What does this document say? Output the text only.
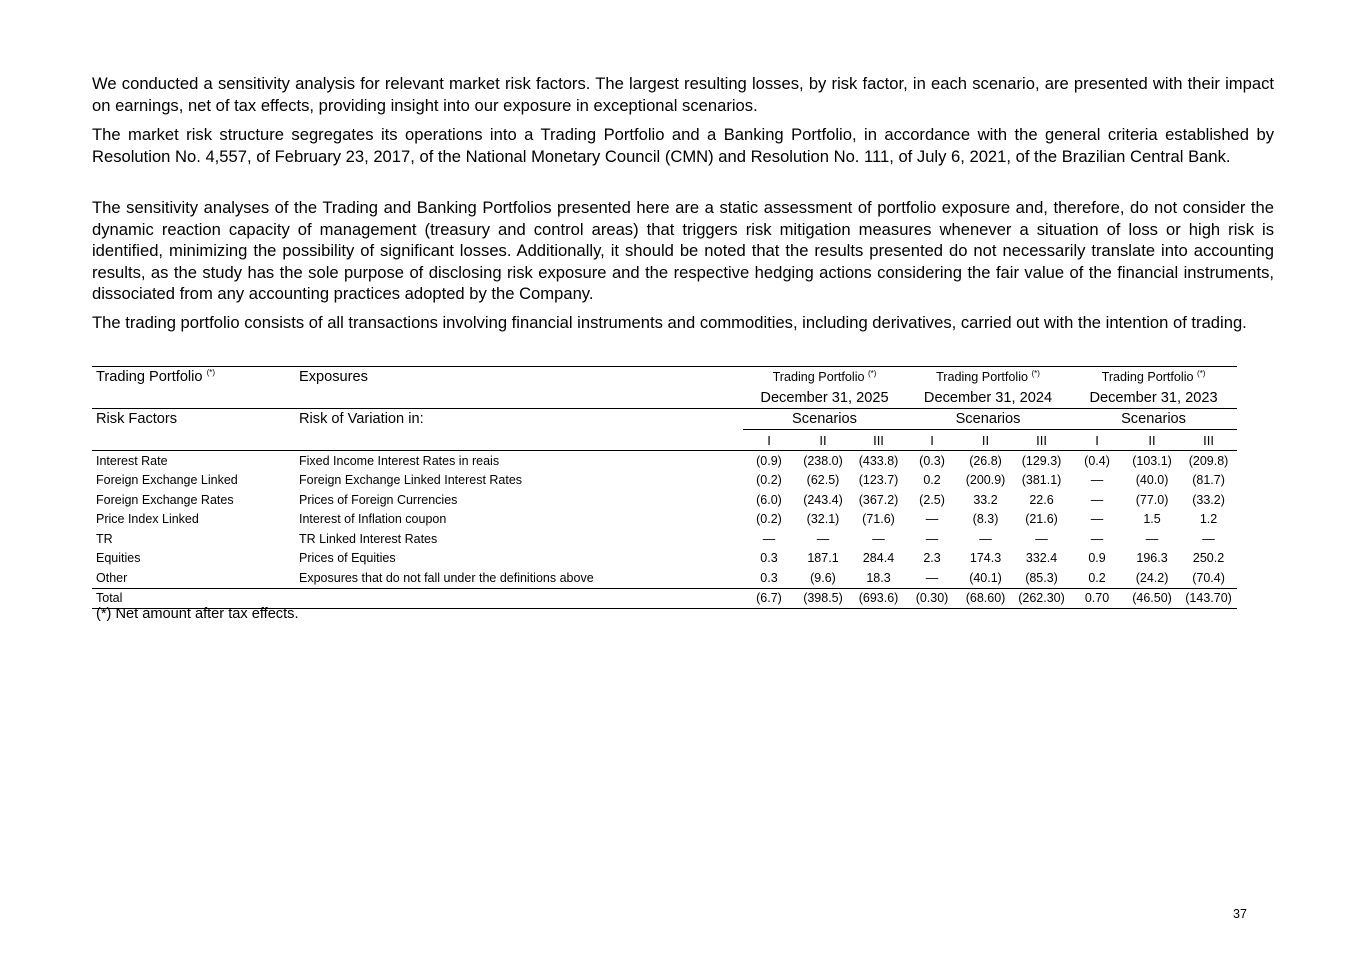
We conducted a sensitivity analysis for relevant market risk factors. The largest resulting losses, by risk factor, in each scenario, are presented with their impact on earnings, net of tax effects, providing insight into our exposure in exceptional scenarios.

The market risk structure segregates its operations into a Trading Portfolio and a Banking Portfolio, in accordance with the general criteria established by Resolution No. 4,557, of February 23, 2017, of the National Monetary Council (CMN) and Resolution No. 111, of July 6, 2021, of the Brazilian Central Bank.

The sensitivity analyses of the Trading and Banking Portfolios presented here are a static assessment of portfolio exposure and, therefore, do not consider the dynamic reaction capacity of management (treasury and control areas) that triggers risk mitigation measures whenever a situation of loss or high risk is identified, minimizing the possibility of significant losses. Additionally, it should be noted that the results presented do not necessarily translate into accounting results, as the study has the sole purpose of disclosing risk exposure and the respective hedging actions considering the fair value of the financial instruments, dissociated from any accounting practices adopted by the Company.

The trading portfolio consists of all transactions involving financial instruments and commodities, including derivatives, carried out with the intention of trading.

Trading Portfolio (*)	Exposures	Trading Portfolio (*)			Trading Portfolio (*)			Trading Portfolio (*)
		December 31, 2025			December 31, 2024			December 31, 2023		
Risk Factors	Risk of Variation in:	Scenarios			Scenarios			Scenarios		
		I	II	III	I	II	III	I	II	III
Interest Rate	Fixed Income Interest Rates in reais	(0.9)	(238.0)	(433.8)	(0.3)	(26.8)	(129.3)	(0.4)	(103.1)	(209.8)
Foreign Exchange Linked	Foreign Exchange Linked Interest Rates	(0.2)	(62.5)	(123.7)	0.2	(200.9)	(381.1)	—	(40.0)	(81.7)
Foreign Exchange Rates	Prices of Foreign Currencies	(6.0)	(243.4)	(367.2)	(2.5)	33.2	22.6	—	(77.0)	(33.2)
Price Index Linked	Interest of Inflation coupon	(0.2)	(32.1)	(71.6)	—	(8.3)	(21.6)	—	1.5	1.2
TR	TR Linked Interest Rates	—	—	—	—	—	—	—	—	—
Equities	Prices of Equities	0.3	187.1	284.4	2.3	174.3	332.4	0.9	196.3	250.2
Other	Exposures that do not fall under the definitions above	0.3	(9.6)	18.3	—	(40.1)	(85.3)	0.2	(24.2)	(70.4)
Total		(6.7)	(398.5)	(693.6)	(0.30)	(68.60)	(262.30)	0.70	(46.50)	(143.70)
(*) Net amount after tax effects.
37
